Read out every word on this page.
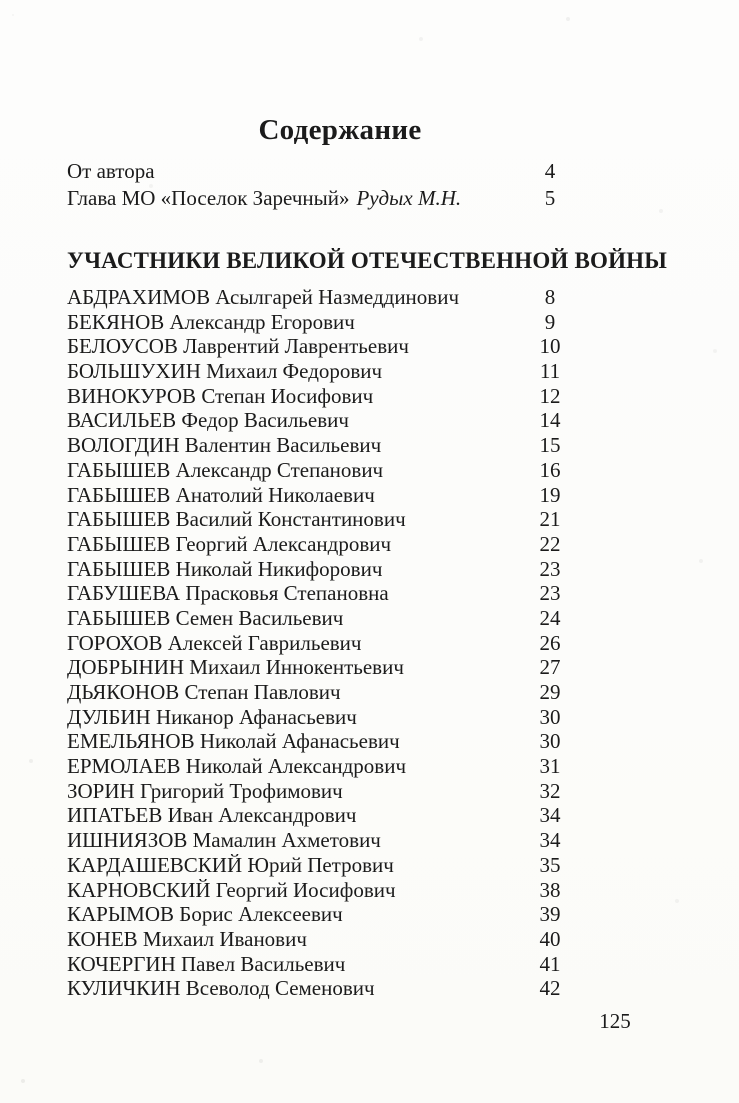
Содержание
От автора	4
Глава МО «Поселок Заречный» Рудых М.Н.	5
УЧАСТНИКИ ВЕЛИКОЙ ОТЕЧЕСТВЕННОЙ ВОЙНЫ
АБДРАХИМОВ Асылгарей Назмеддинович	8
БЕКЯНОВ Александр Егорович	9
БЕЛОУСОВ Лаврентий Лаврентьевич	10
БОЛЬШУХИН Михаил Федорович	11
ВИНОКУРОВ Степан Иосифович	12
ВАСИЛЬЕВ Федор Васильевич	14
ВОЛОГДИН Валентин Васильевич	15
ГАБЫШЕВ Александр Степанович	16
ГАБЫШЕВ Анатолий Николаевич	19
ГАБЫШЕВ Василий Константинович	21
ГАБЫШЕВ Георгий Александрович	22
ГАБЫШЕВ Николай Никифорович	23
ГАБУШЕВА Прасковья Степановна	23
ГАБЫШЕВ Семен Васильевич	24
ГОРОХОВ Алексей Гаврильевич	26
ДОБРЫНИН Михаил Иннокентьевич	27
ДЬЯКОНОВ Степан Павлович	29
ДУЛБИН Никанор Афанасьевич	30
ЕМЕЛЬЯНОВ Николай Афанасьевич	30
ЕРМОЛАЕВ Николай Александрович	31
ЗОРИН Григорий Трофимович	32
ИПАТЬЕВ Иван Александрович	34
ИШНИЯЗОВ Мамалин Ахметович	34
КАРДАШЕВСКИЙ Юрий Петрович	35
КАРНОВСКИЙ Георгий Иосифович	38
КАРЫМОВ Борис Алексеевич	39
КОНЕВ Михаил Иванович	40
КОЧЕРГИН Павел Васильевич	41
КУЛИЧКИН Всеволод Семенович	42
125
